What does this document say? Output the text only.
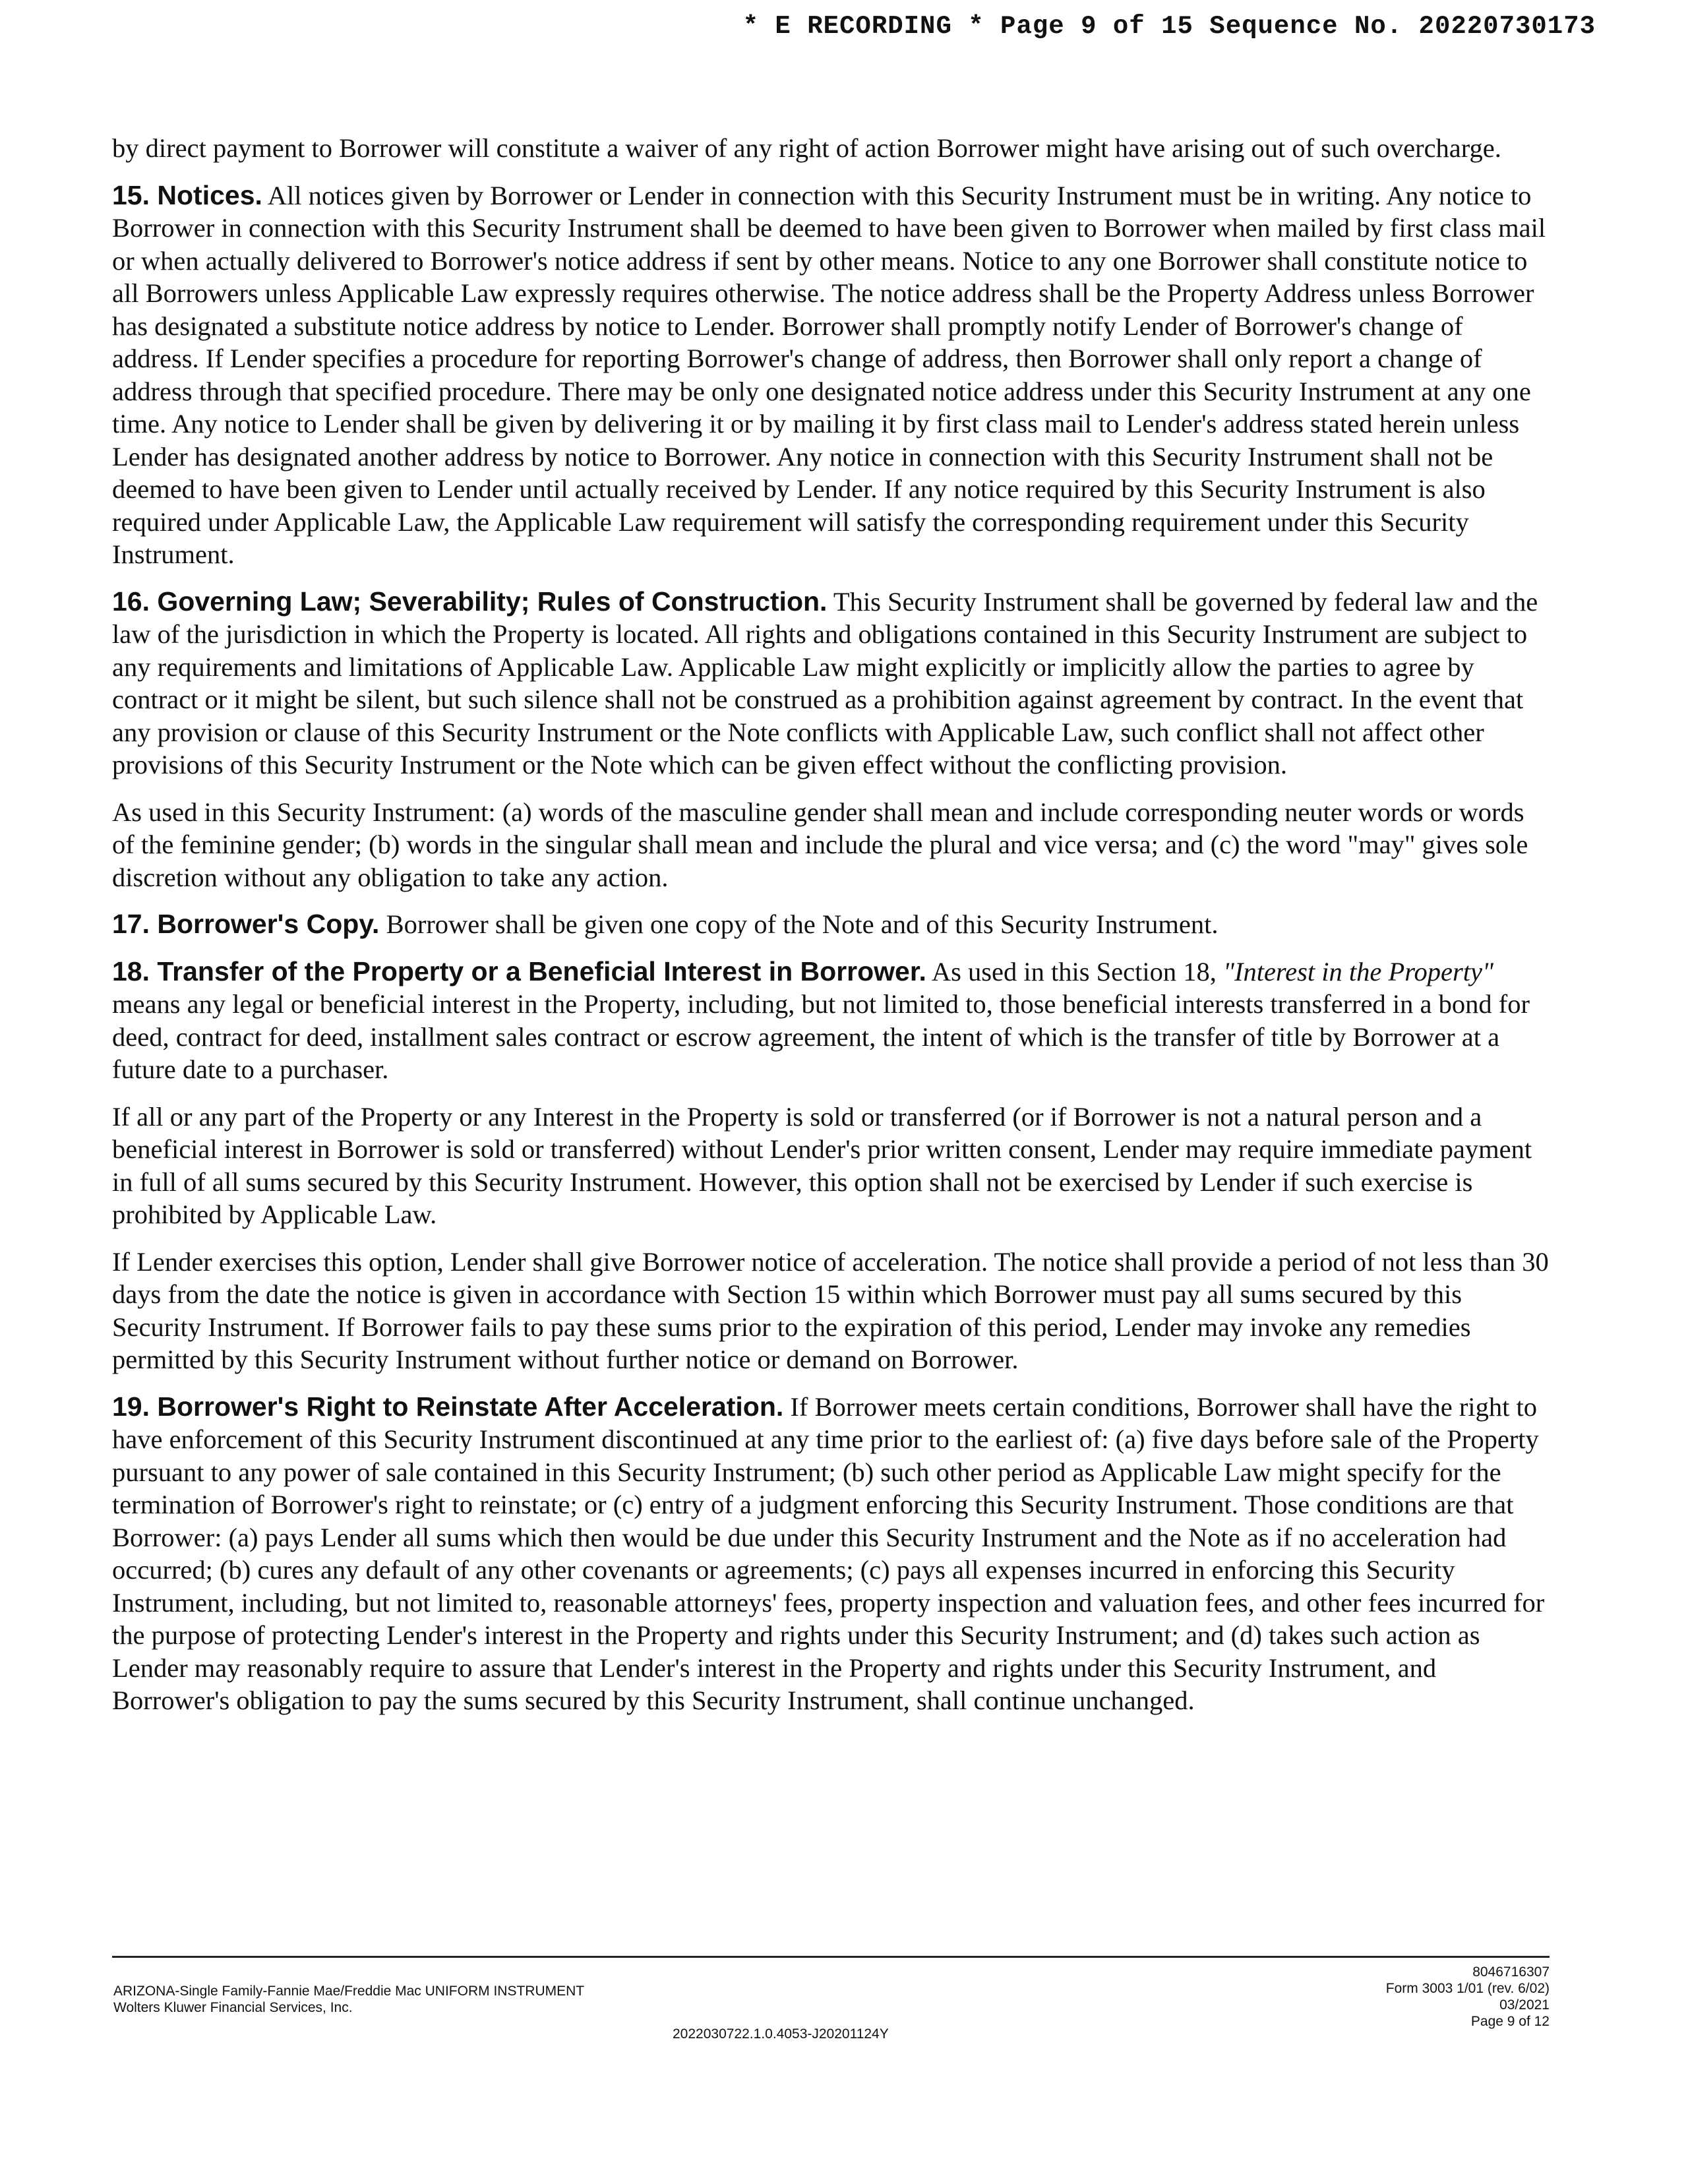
* E RECORDING * Page 9 of 15 Sequence No. 20220730173

by direct payment to Borrower will constitute a waiver of any right of action Borrower might have arising out of such overcharge.

15. Notices. All notices given by Borrower or Lender in connection with this Security Instrument must be in writing. Any notice to Borrower in connection with this Security Instrument shall be deemed to have been given to Borrower when mailed by first class mail or when actually delivered to Borrower's notice address if sent by other means. Notice to any one Borrower shall constitute notice to all Borrowers unless Applicable Law expressly requires otherwise. The notice address shall be the Property Address unless Borrower has designated a substitute notice address by notice to Lender. Borrower shall promptly notify Lender of Borrower's change of address. If Lender specifies a procedure for reporting Borrower's change of address, then Borrower shall only report a change of address through that specified procedure. There may be only one designated notice address under this Security Instrument at any one time. Any notice to Lender shall be given by delivering it or by mailing it by first class mail to Lender's address stated herein unless Lender has designated another address by notice to Borrower. Any notice in connection with this Security Instrument shall not be deemed to have been given to Lender until actually received by Lender. If any notice required by this Security Instrument is also required under Applicable Law, the Applicable Law requirement will satisfy the corresponding requirement under this Security Instrument.

16. Governing Law; Severability; Rules of Construction. This Security Instrument shall be governed by federal law and the law of the jurisdiction in which the Property is located. All rights and obligations contained in this Security Instrument are subject to any requirements and limitations of Applicable Law. Applicable Law might explicitly or implicitly allow the parties to agree by contract or it might be silent, but such silence shall not be construed as a prohibition against agreement by contract. In the event that any provision or clause of this Security Instrument or the Note conflicts with Applicable Law, such conflict shall not affect other provisions of this Security Instrument or the Note which can be given effect without the conflicting provision.

As used in this Security Instrument: (a) words of the masculine gender shall mean and include corresponding neuter words or words of the feminine gender; (b) words in the singular shall mean and include the plural and vice versa; and (c) the word "may" gives sole discretion without any obligation to take any action.

17. Borrower's Copy. Borrower shall be given one copy of the Note and of this Security Instrument.

18. Transfer of the Property or a Beneficial Interest in Borrower. As used in this Section 18, "Interest in the Property" means any legal or beneficial interest in the Property, including, but not limited to, those beneficial interests transferred in a bond for deed, contract for deed, installment sales contract or escrow agreement, the intent of which is the transfer of title by Borrower at a future date to a purchaser.

If all or any part of the Property or any Interest in the Property is sold or transferred (or if Borrower is not a natural person and a beneficial interest in Borrower is sold or transferred) without Lender's prior written consent, Lender may require immediate payment in full of all sums secured by this Security Instrument. However, this option shall not be exercised by Lender if such exercise is prohibited by Applicable Law.

If Lender exercises this option, Lender shall give Borrower notice of acceleration. The notice shall provide a period of not less than 30 days from the date the notice is given in accordance with Section 15 within which Borrower must pay all sums secured by this Security Instrument. If Borrower fails to pay these sums prior to the expiration of this period, Lender may invoke any remedies permitted by this Security Instrument without further notice or demand on Borrower.

19. Borrower's Right to Reinstate After Acceleration. If Borrower meets certain conditions, Borrower shall have the right to have enforcement of this Security Instrument discontinued at any time prior to the earliest of: (a) five days before sale of the Property pursuant to any power of sale contained in this Security Instrument; (b) such other period as Applicable Law might specify for the termination of Borrower's right to reinstate; or (c) entry of a judgment enforcing this Security Instrument. Those conditions are that Borrower: (a) pays Lender all sums which then would be due under this Security Instrument and the Note as if no acceleration had occurred; (b) cures any default of any other covenants or agreements; (c) pays all expenses incurred in enforcing this Security Instrument, including, but not limited to, reasonable attorneys' fees, property inspection and valuation fees, and other fees incurred for the purpose of protecting Lender's interest in the Property and rights under this Security Instrument; and (d) takes such action as Lender may reasonably require to assure that Lender's interest in the Property and rights under this Security Instrument, and Borrower's obligation to pay the sums secured by this Security Instrument, shall continue unchanged.

ARIZONA-Single Family-Fannie Mae/Freddie Mac UNIFORM INSTRUMENT
Wolters Kluwer Financial Services, Inc.
2022030722.1.0.4053-J20201124Y
8046716307
Form 3003 1/01 (rev. 6/02)
03/2021
Page 9 of 12
